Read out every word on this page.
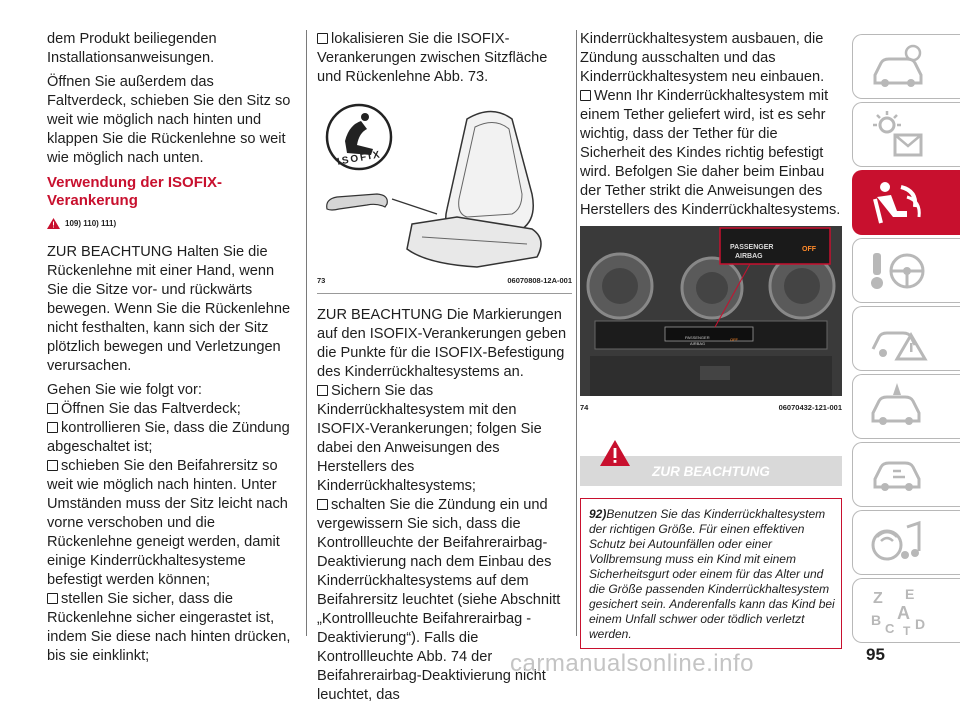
dem Produkt beiliegenden Installationsanweisungen.

Öffnen Sie außerdem das Faltverdeck, schieben Sie den Sitz so weit wie möglich nach hinten und klappen Sie die Rückenlehne so weit wie möglich nach unten.

Verwendung der ISOFIX-Verankerung
109) 110) 111)

ZUR BEACHTUNG Halten Sie die Rückenlehne mit einer Hand, wenn Sie die Sitze vor- und rückwärts bewegen. Wenn Sie die Rückenlehne nicht festhalten, kann sich der Sitz plötzlich bewegen und Verletzungen verursachen.

Gehen Sie wie folgt vor:

Öffnen Sie das Faltverdeck;
kontrollieren Sie, dass die Zündung abgeschaltet ist;
schieben Sie den Beifahrersitz so weit wie möglich nach hinten. Unter Umständen muss der Sitz leicht nach vorne verschoben und die Rückenlehne geneigt werden, damit einige Kinderrückhaltesysteme befestigt werden können;
stellen Sie sicher, dass die Rückenlehne sicher eingerastet ist, indem Sie diese nach hinten drücken, bis sie einklinkt;
lokalisieren Sie die ISOFIX-Verankerungen zwischen Sitzfläche und Rückenlehne Abb. 73.
ISOFIX
73	06070808-12A-001

ZUR BEACHTUNG Die Markierungen auf den ISOFIX-Verankerungen geben die Punkte für die ISOFIX-Befestigung des Kinderrückhaltesystems an.

Sichern Sie das Kinderrückhaltesystem mit den ISOFIX-Verankerungen; folgen Sie dabei den Anweisungen des Herstellers des Kinderrückhaltesystems;
schalten Sie die Zündung ein und vergewissern Sie sich, dass die Kontrollleuchte der Beifahrerairbag-Deaktivierung nach dem Einbau des Kinderrückhaltesystems auf dem Beifahrersitz leuchtet (siehe Abschnitt „Kontrollleuchte Beifahrerairbag - Deaktivierung“). Falls die Kontrollleuchte Abb. 74 der Beifahrerairbag-Deaktivierung nicht leuchtet, das

Kinderrückhaltesystem ausbauen, die Zündung ausschalten und das Kinderrückhaltesystem neu einbauen.

Wenn Ihr Kinderrückhaltesystem mit einem Tether geliefert wird, ist es sehr wichtig, dass der Tether für die Sicherheit des Kindes richtig befestigt wird. Befolgen Sie daher beim Einbau der Tether strikt die Anweisungen des Herstellers des Kinderrückhaltesystems.
PASSENGER
AIRBAG
OFF
PASSENGER
AIRBAG
OFF
74	06070432-121-001
ZUR BEACHTUNG
92)Benutzen Sie das Kinderrückhaltesystem der richtigen Größe. Für einen effektiven Schutz bei Autounfällen oder einer Vollbremsung muss ein Kind mit einem Sicherheitsgurt oder einem für das Alter und die Größe passenden Kinderrückhaltesystem gesichert sein. Anderenfalls kann das Kind bei einem Unfall schwer oder tödlich verletzt werden.
Z E
B A
C T D
carmanualsonline.info	95
